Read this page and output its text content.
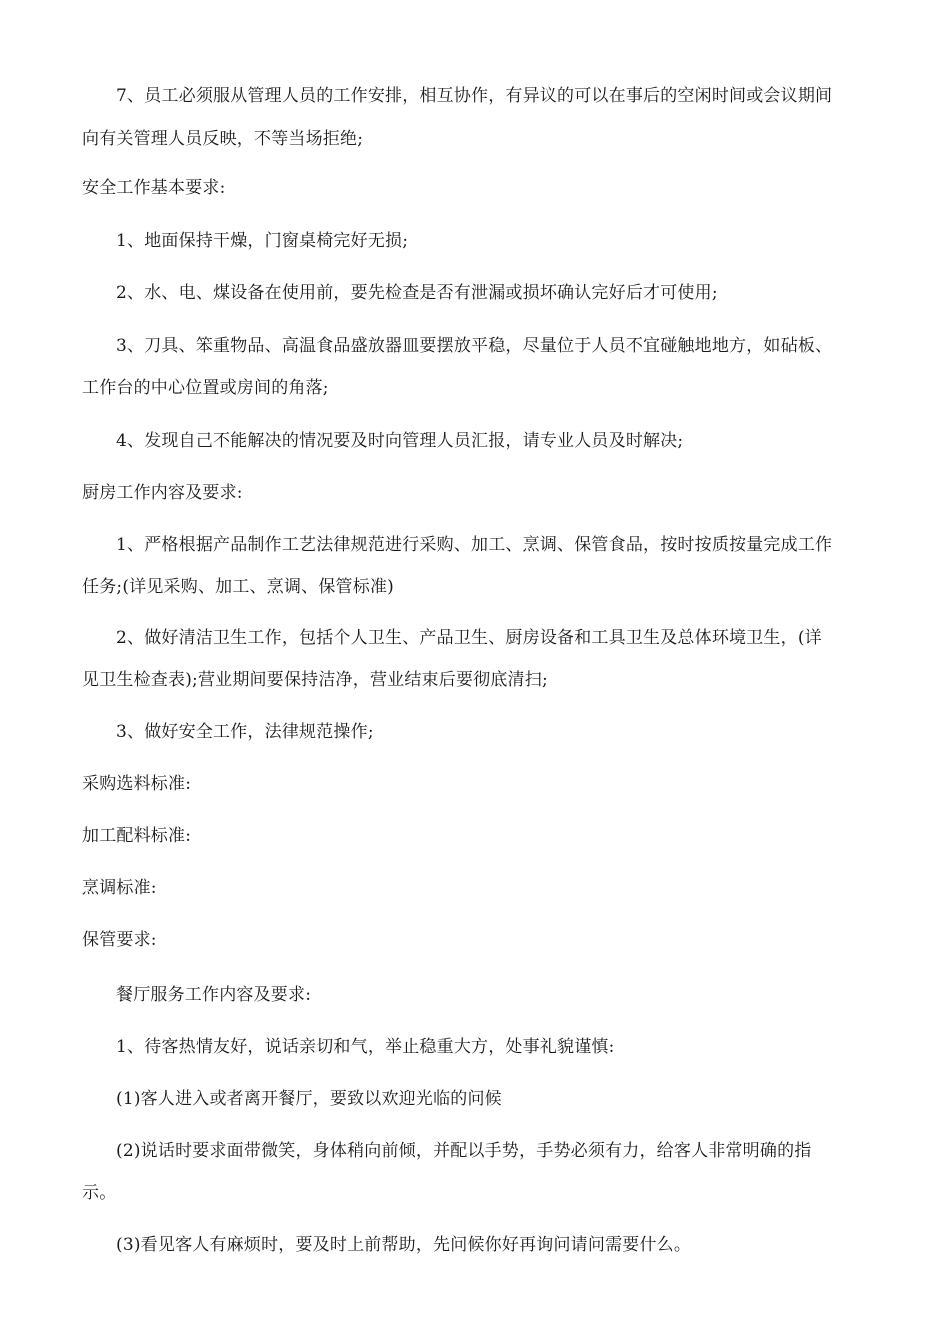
7、员工必须服从管理人员的工作安排，相互协作，有异议的可以在事后的空闲时间或会议期间
向有关管理人员反映，不等当场拒绝;
安全工作基本要求:
1、地面保持干燥，门窗桌椅完好无损;
2、水、电、煤设备在使用前，要先检查是否有泄漏或损坏确认完好后才可使用;
3、刀具、笨重物品、高温食品盛放器皿要摆放平稳，尽量位于人员不宜碰触地地方，如砧板、
工作台的中心位置或房间的角落;
4、发现自己不能解决的情况要及时向管理人员汇报，请专业人员及时解决;
厨房工作内容及要求:
1、严格根据产品制作工艺法律规范进行采购、加工、烹调、保管食品，按时按质按量完成工作
任务;(详见采购、加工、烹调、保管标准)
2、做好清洁卫生工作，包括个人卫生、产品卫生、厨房设备和工具卫生及总体环境卫生，(详
见卫生检查表);营业期间要保持洁净，营业结束后要彻底清扫;
3、做好安全工作，法律规范操作;
采购选料标准:
加工配料标准:
烹调标准:
保管要求:
餐厅服务工作内容及要求:
1、待客热情友好，说话亲切和气，举止稳重大方，处事礼貌谨慎:
(1)客人进入或者离开餐厅，要致以欢迎光临的问候
(2)说话时要求面带微笑，身体稍向前倾，并配以手势，手势必须有力，给客人非常明确的指
示。
(3)看见客人有麻烦时，要及时上前帮助，先问候你好再询问请问需要什么。
